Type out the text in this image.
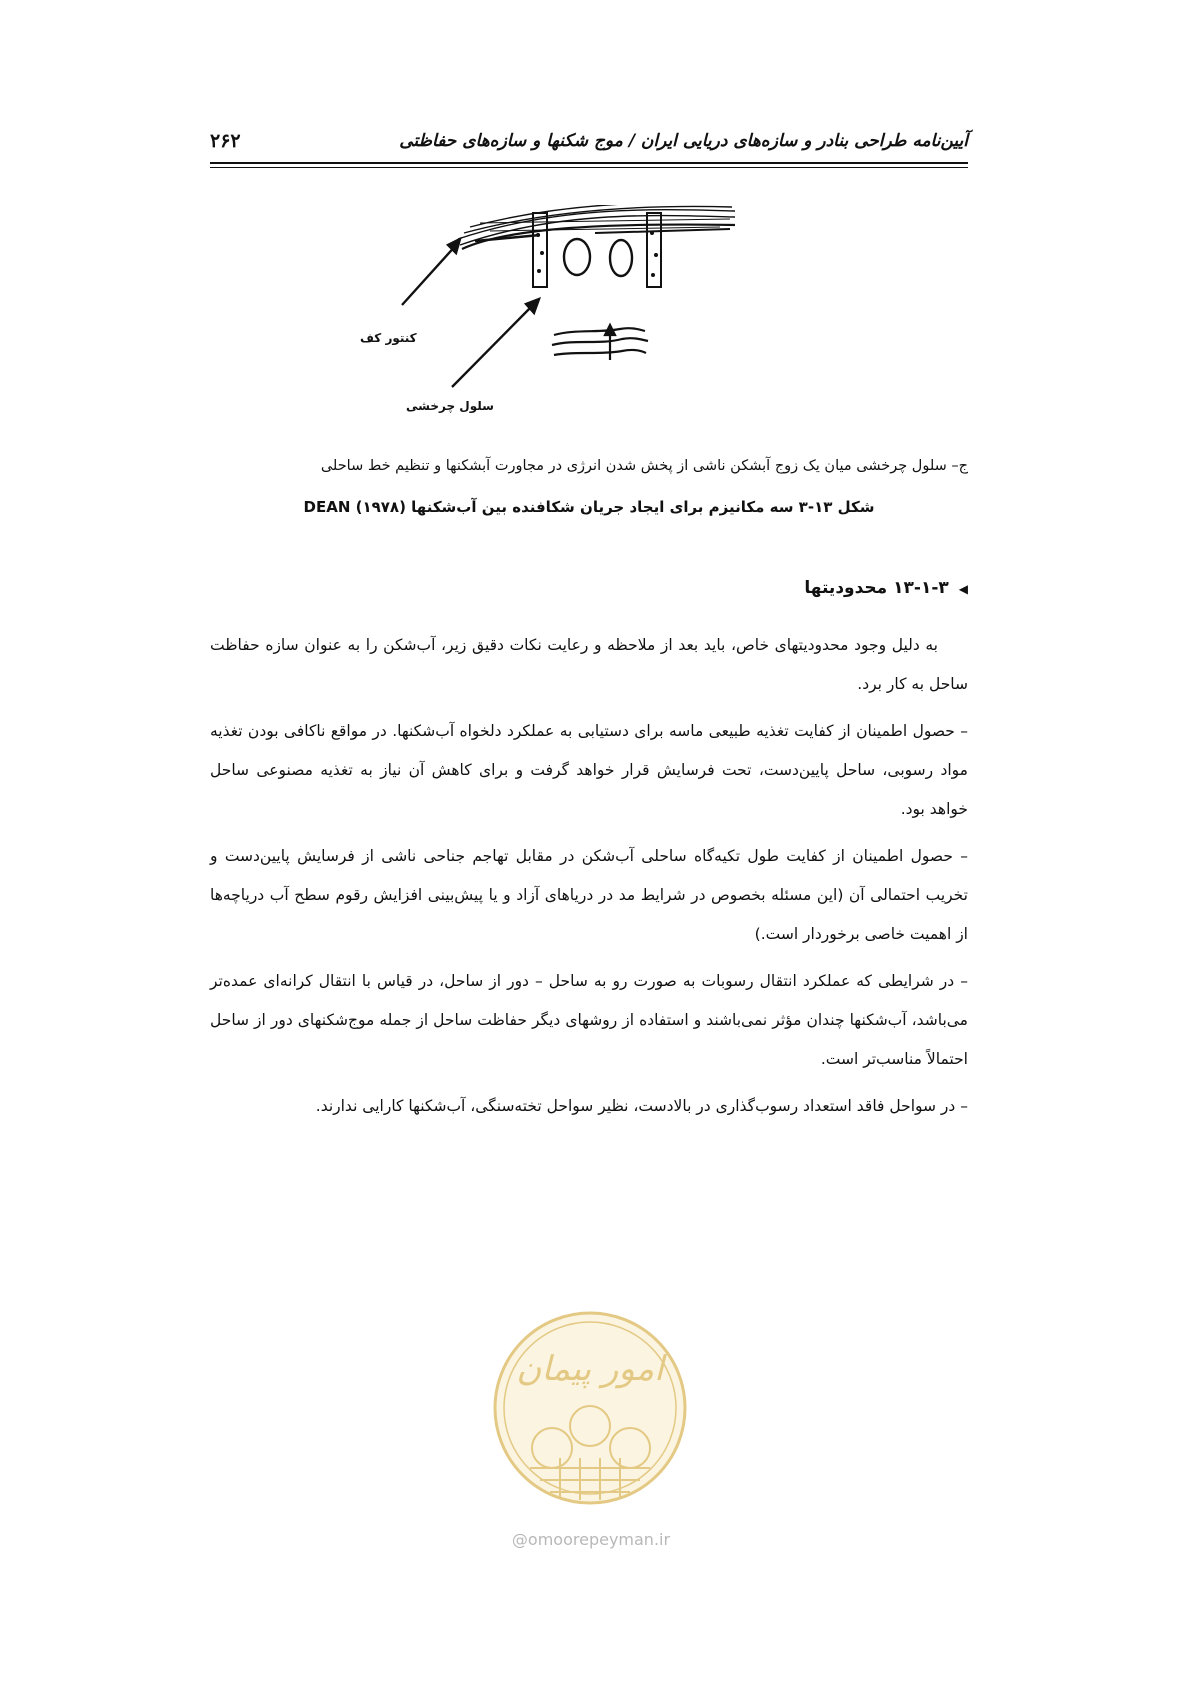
آیین‌نامه طراحی بنادر و سازه‌های دریایی ایران / موج شکنها و سازه‌های حفاظتی
۲۶۲
کنتور کف
سلول چرخشی
ج– سلول چرخشی میان یک زوج آبشکن ناشی از پخش شدن انرژی در مجاورت آبشکنها و تنظیم خط ساحلی
شکل ۱۳-۳ سه مکانیزم برای ایجاد جریان شکافنده بین آب‌شکنها DEAN (۱۹۷۸)
◀۱۳-۱-۳ محدودیتها

به دلیل وجود محدودیتهای خاص، باید بعد از ملاحظه و رعایت نکات دقیق زیر، آب‌شکن را به عنوان سازه حفاظت ساحل به کار برد.

– حصول اطمینان از کفایت تغذیه طبیعی ماسه برای دستیابی به عملکرد دلخواه آب‌شکنها. در مواقع ناکافی بودن تغذیه مواد رسوبی، ساحل پایین‌دست، تحت فرسایش قرار خواهد گرفت و برای کاهش آن نیاز به تغذیه مصنوعی ساحل خواهد بود.

– حصول اطمینان از کفایت طول تکیه‌گاه ساحلی آب‌شکن در مقابل تهاجم جناحی ناشی از فرسایش پایین‌دست و تخریب احتمالی آن (این مسئله بخصوص در شرایط مد در دریاهای آزاد و یا پیش‌بینی افزایش رقوم سطح آب دریاچه‌ها از اهمیت خاصی برخوردار است.)

– در شرایطی که عملکرد انتقال رسوبات به صورت رو به ساحل – دور از ساحل، در قیاس با انتقال کرانه‌ای عمده‌تر می‌باشد، آب‌شکنها چندان مؤثر نمی‌باشند و استفاده از روشهای دیگر حفاظت ساحل از جمله موج‌شکنهای دور از ساحل احتمالاً مناسب‌تر است.

– در سواحل فاقد استعداد رسوب‌گذاری در بالادست، نظیر سواحل تخته‌سنگی، آب‌شکنها کارایی ندارند.

امور پیمان
@omoorepeyman.ir
